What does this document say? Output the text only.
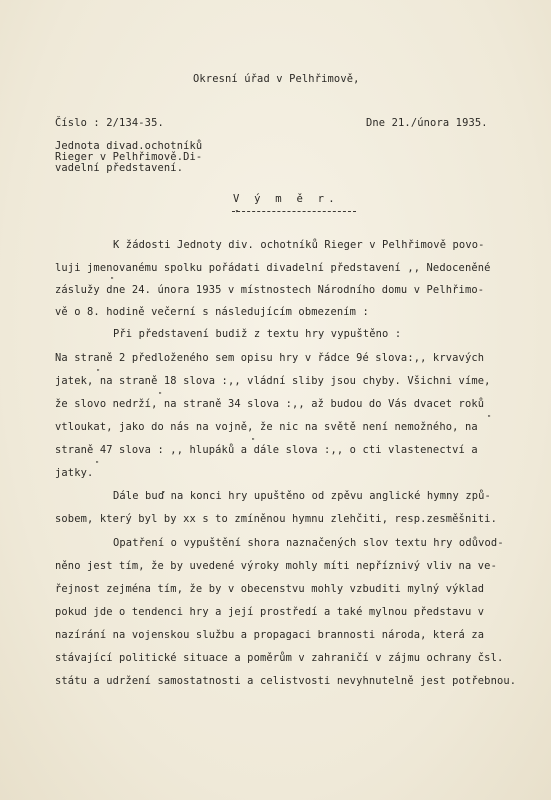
Okresní úřad v Pelhřimově,
Číslo : 2/134-35.	Dne 21./února 1935.
Jednota divad.ochotníků
Rieger v Pelhřimově.Di-
vadelní představení.
V ý m ě r.
▾
K žádosti Jednoty div. ochotníků Rieger v Pelhřimově povo-
luji jmenovanému spolku pořádati divadelní představení ,, Nedoceněné
záslužy dne 24. února 1935 v místnostech Národního domu v Pelhřimo-
vě o 8. hodině večerní s následujícím obmezením :
Při představení budiž z textu hry vypuštěno :
Na straně 2 předloženého sem opisu hry v řádce 9é slova:,, krvavých
jatek, na straně 18 slova :,, vládní sliby jsou chyby. Všichni víme,
že slovo nedrží, na straně 34 slova :,, až budou do Vás dvacet roků
vtloukat, jako do nás na vojně, že nic na světě není nemožného, na
straně 47 slova : ,, hlupáků a dále slova :,, o cti vlastenectví a
jatky.
Dále buď na konci hry upuštěno od zpěvu anglické hymny způ-
sobem, který byl by xx s to zmíněnou hymnu zlehčiti, resp.zesměšniti.
Opatření o vypuštění shora naznačených slov textu hry odůvod-
něno jest tím, že by uvedené výroky mohly míti nepříznivý vliv na ve-
řejnost zejména tím, že by v obecenstvu mohly vzbuditi mylný výklad
pokud jde o tendenci hry a její prostředí a také mylnou představu v
nazírání na vojenskou službu a propagaci brannosti národa, která za
stávající politické situace a poměrům v zahraničí v zájmu ochrany čsl.
státu a udržení samostatnosti a celistvosti nevyhnutelně jest potřebnou.
"
"
"
"
"
"
